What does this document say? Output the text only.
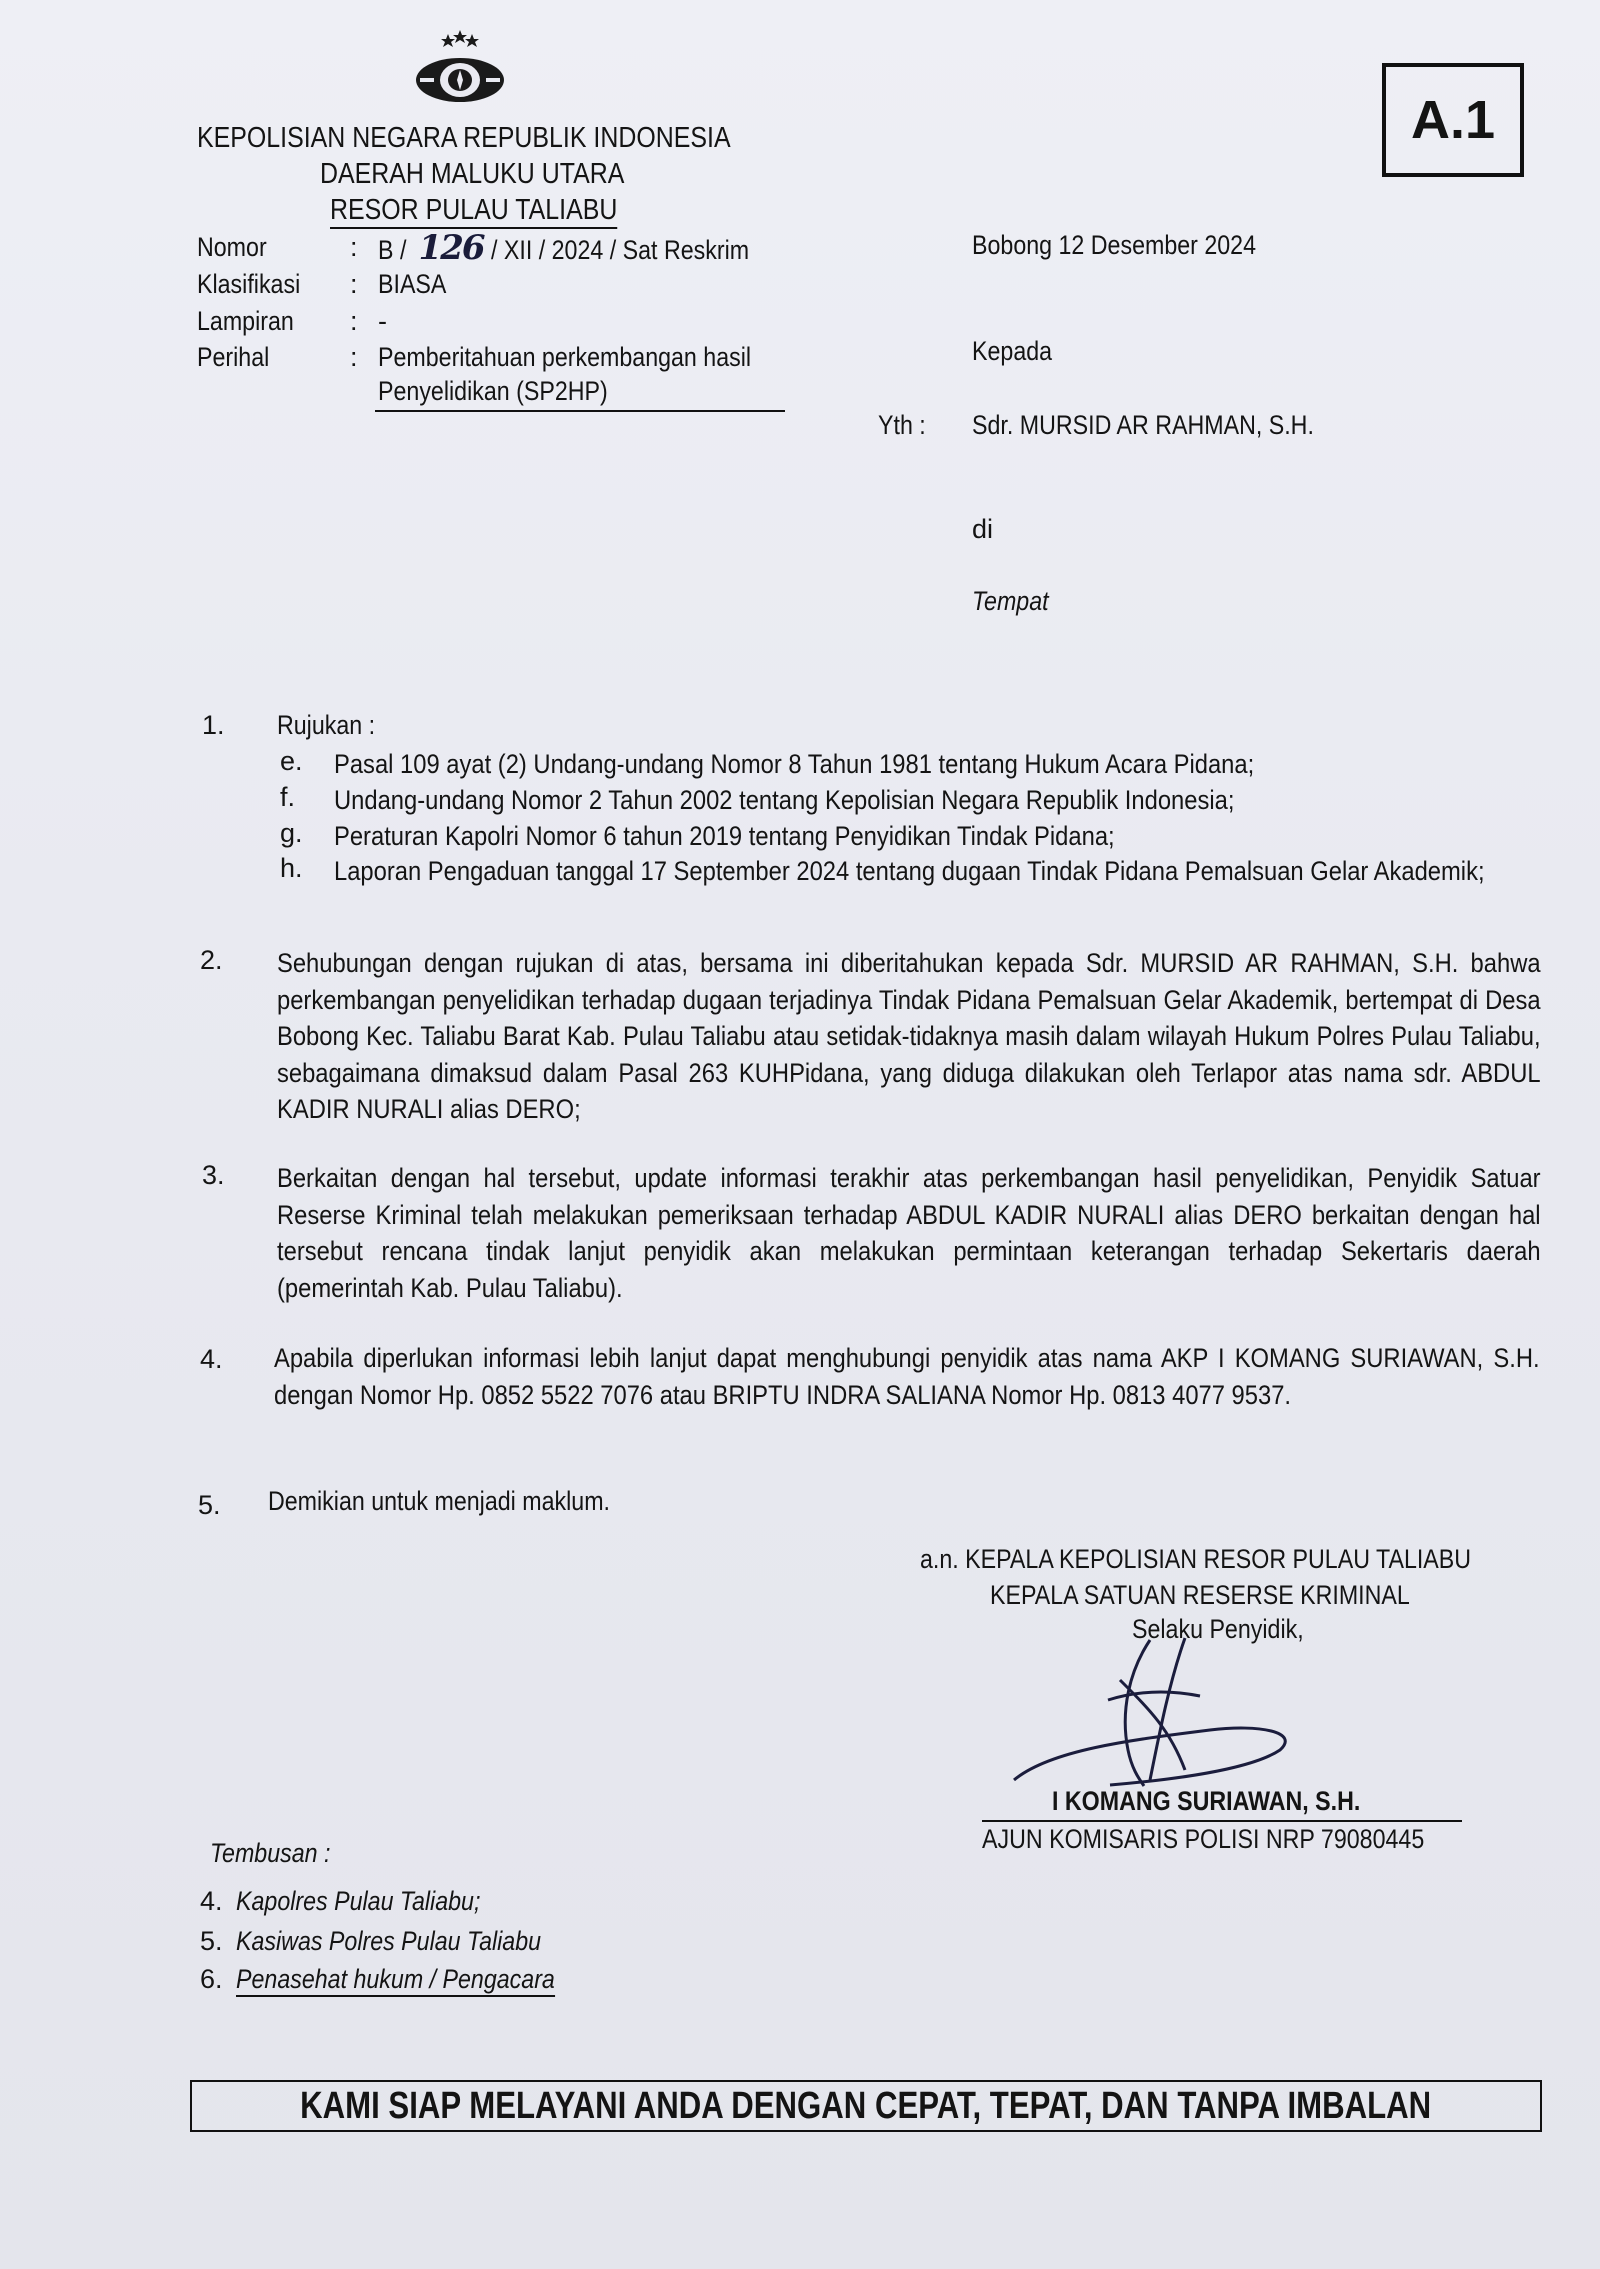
KEPOLISIAN NEGARA REPUBLIK INDONESIA
DAERAH MALUKU UTARA
RESOR PULAU TALIABU
A.1
Nomor	: B / 126 / XII / 2024 / Sat Reskrim
Klasifikasi	: BIASA
Lampiran	: -
Perihal	: Pemberitahuan perkembangan hasil
Penyelidikan (SP2HP)
Bobong 12 Desember 2024
Kepada
Yth : Sdr. MURSID AR RAHMAN, S.H.
di
Tempat
1. Rujukan :
e. Pasal 109 ayat (2) Undang-undang Nomor 8 Tahun 1981 tentang Hukum Acara Pidana;
f. Undang-undang Nomor 2 Tahun 2002 tentang Kepolisian Negara Republik Indonesia;
g. Peraturan Kapolri Nomor 6 tahun 2019 tentang Penyidikan Tindak Pidana;
h. Laporan Pengaduan tanggal 17 September 2024 tentang dugaan Tindak Pidana Pemalsuan Gelar Akademik;
2. Sehubungan dengan rujukan di atas, bersama ini diberitahukan kepada Sdr. MURSID AR RAHMAN, S.H. bahwa perkembangan penyelidikan terhadap dugaan terjadinya Tindak Pidana Pemalsuan Gelar Akademik, bertempat di Desa Bobong Kec. Taliabu Barat Kab. Pulau Taliabu atau setidak-tidaknya masih dalam wilayah Hukum Polres Pulau Taliabu, sebagaimana dimaksud dalam Pasal 263 KUHPidana, yang diduga dilakukan oleh Terlapor atas nama sdr. ABDUL KADIR NURALI alias DERO;
3. Berkaitan dengan hal tersebut, update informasi terakhir atas perkembangan hasil penyelidikan, Penyidik Satuar Reserse Kriminal telah melakukan pemeriksaan terhadap ABDUL KADIR NURALI alias DERO berkaitan dengan hal tersebut rencana tindak lanjut penyidik akan melakukan permintaan keterangan terhadap Sekertaris daerah (pemerintah Kab. Pulau Taliabu).
4. Apabila diperlukan informasi lebih lanjut dapat menghubungi penyidik atas nama AKP I KOMANG SURIAWAN, S.H. dengan Nomor Hp. 0852 5522 7076 atau BRIPTU INDRA SALIANA Nomor Hp. 0813 4077 9537.
5. Demikian untuk menjadi maklum.
a.n. KEPALA KEPOLISIAN RESOR PULAU TALIABU
KEPALA SATUAN RESERSE KRIMINAL
Selaku Penyidik,
I KOMANG SURIAWAN, S.H.
AJUN KOMISARIS POLISI NRP 79080445
Tembusan :
4. Kapolres Pulau Taliabu;
5. Kasiwas Polres Pulau Taliabu
6. Penasehat hukum / Pengacara
KAMI SIAP MELAYANI ANDA DENGAN CEPAT, TEPAT, DAN TANPA IMBALAN
